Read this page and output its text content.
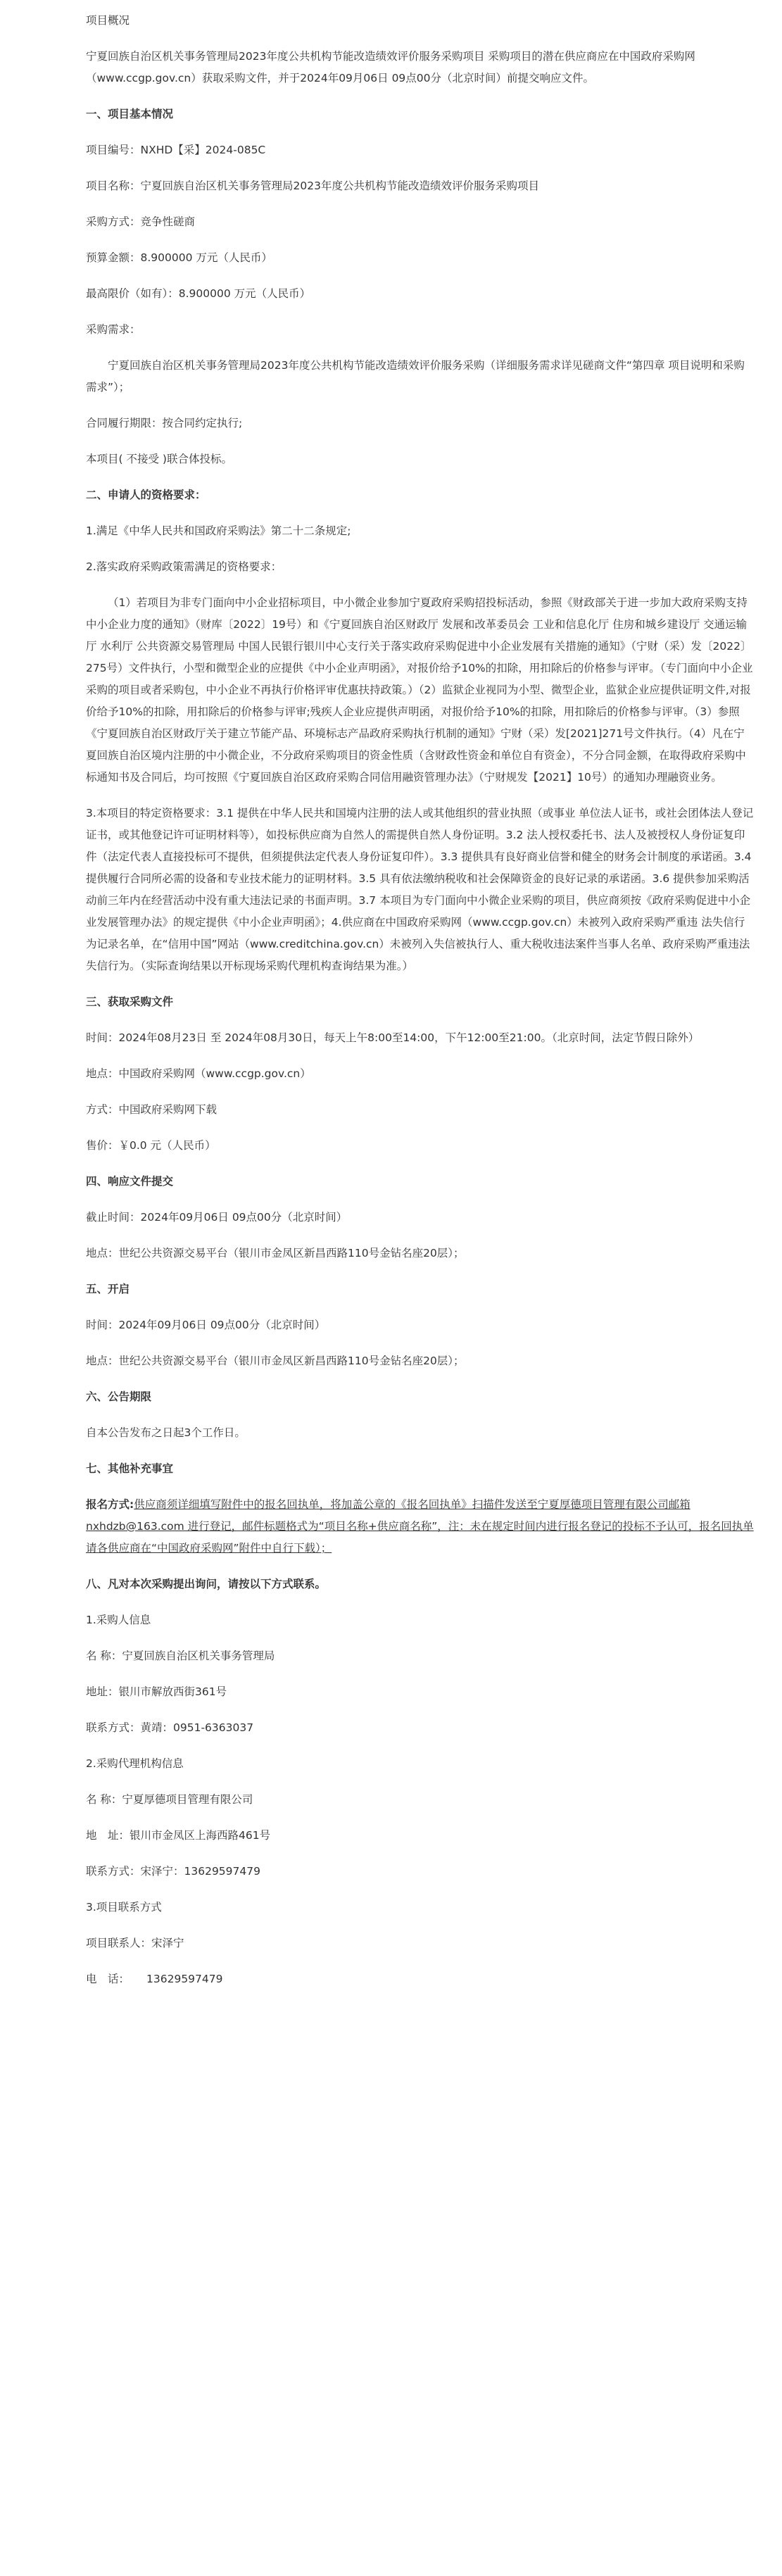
项目概况

宁夏回族自治区机关事务管理局2023年度公共机构节能改造绩效评价服务采购项目 采购项目的潜在供应商应在中国政府采购网（www.ccgp.gov.cn）获取采购文件，并于2024年09月06日 09点00分（北京时间）前提交响应文件。

一、项目基本情况

项目编号：NXHD【采】2024-085C

项目名称：宁夏回族自治区机关事务管理局2023年度公共机构节能改造绩效评价服务采购项目

采购方式：竞争性磋商

预算金额：8.900000 万元（人民币）

最高限价（如有）：8.900000 万元（人民币）

采购需求：

宁夏回族自治区机关事务管理局2023年度公共机构节能改造绩效评价服务采购（详细服务需求详见磋商文件“第四章 项目说明和采购需求”）；

合同履行期限：按合同约定执行;

本项目( 不接受 )联合体投标。

二、申请人的资格要求：

1.满足《中华人民共和国政府采购法》第二十二条规定;

2.落实政府采购政策需满足的资格要求：

（1）若项目为非专门面向中小企业招标项目，中小微企业参加宁夏政府采购招投标活动，参照《财政部关于进一步加大政府采购支持中小企业力度的通知》（财库〔2022〕19号）和《宁夏回族自治区财政厅 发展和改革委员会 工业和信息化厅 住房和城乡建设厅 交通运输厅 水利厅 公共资源交易管理局 中国人民银行银川中心支行关于落实政府采购促进中小企业发展有关措施的通知》（宁财（采）发〔2022〕275号）文件执行，小型和微型企业的应提供《中小企业声明函》，对报价给予10%的扣除，用扣除后的价格参与评审。（专门面向中小企业采购的项目或者采购包，中小企业不再执行价格评审优惠扶持政策。）（2）监狱企业视同为小型、微型企业，监狱企业应提供证明文件,对报价给予10%的扣除，用扣除后的价格参与评审;残疾人企业应提供声明函，对报价给予10%的扣除，用扣除后的价格参与评审。（3）参照《宁夏回族自治区财政厅关于建立节能产品、环境标志产品政府采购执行机制的通知》宁财（采）发[2021]271号文件执行。（4）凡在宁夏回族自治区境内注册的中小微企业，不分政府采购项目的资金性质（含财政性资金和单位自有资金），不分合同金额，在取得政府采购中标通知书及合同后，均可按照《宁夏回族自治区政府采购合同信用融资管理办法》（宁财规发【2021】10号）的通知办理融资业务。

3.本项目的特定资格要求：3.1 提供在中华人民共和国境内注册的法人或其他组织的营业执照（或事业 单位法人证书，或社会团体法人登记证书，或其他登记许可证明材料等），如投标供应商为自然人的需提供自然人身份证明。3.2 法人授权委托书、法人及被授权人身份证复印件（法定代表人直接投标可不提供，但须提供法定代表人身份证复印件）。3.3 提供具有良好商业信誉和健全的财务会计制度的承诺函。3.4 提供履行合同所必需的设备和专业技术能力的证明材料。3.5 具有依法缴纳税收和社会保障资金的良好记录的承诺函。3.6 提供参加采购活动前三年内在经营活动中没有重大违法记录的书面声明。3.7 本项目为专门面向中小微企业采购的项目，供应商须按《政府采购促进中小企业发展管理办法》的规定提供《中小企业声明函》；4.供应商在中国政府采购网（www.ccgp.gov.cn）未被列入政府采购严重违 法失信行为记录名单，在“信用中国”网站（www.creditchina.gov.cn）未被列入失信被执行人、重大税收违法案件当事人名单、政府采购严重违法失信行为。（实际查询结果以开标现场采购代理机构查询结果为准。）

三、获取采购文件

时间：2024年08月23日 至 2024年08月30日，每天上午8:00至14:00，下午12:00至21:00。（北京时间，法定节假日除外）

地点：中国政府采购网（www.ccgp.gov.cn）

方式：中国政府采购网下载

售价：￥0.0 元（人民币）

四、响应文件提交

截止时间：2024年09月06日 09点00分（北京时间）

地点：世纪公共资源交易平台（银川市金凤区新昌西路110号金钻名座20层）；

五、开启

时间：2024年09月06日 09点00分（北京时间）

地点：世纪公共资源交易平台（银川市金凤区新昌西路110号金钻名座20层）；

六、公告期限

自本公告发布之日起3个工作日。

七、其他补充事宜

报名方式:供应商须详细填写附件中的报名回执单，将加盖公章的《报名回执单》扫描件发送至宁夏厚德项目管理有限公司邮箱nxhdzb@163.com 进行登记，邮件标题格式为“项目名称+供应商名称”，注：未在规定时间内进行报名登记的投标不予认可，报名回执单请各供应商在“中国政府采购网”附件中自行下载）；

八、凡对本次采购提出询问，请按以下方式联系。

1.采购人信息

名 称：宁夏回族自治区机关事务管理局

地址：银川市解放西街361号

联系方式：黄靖：0951-6363037

2.采购代理机构信息

名 称：宁夏厚德项目管理有限公司

地　址：银川市金凤区上海西路461号

联系方式：宋泽宁：13629597479

3.项目联系方式

项目联系人：宋泽宁

电　话： 13629597479
